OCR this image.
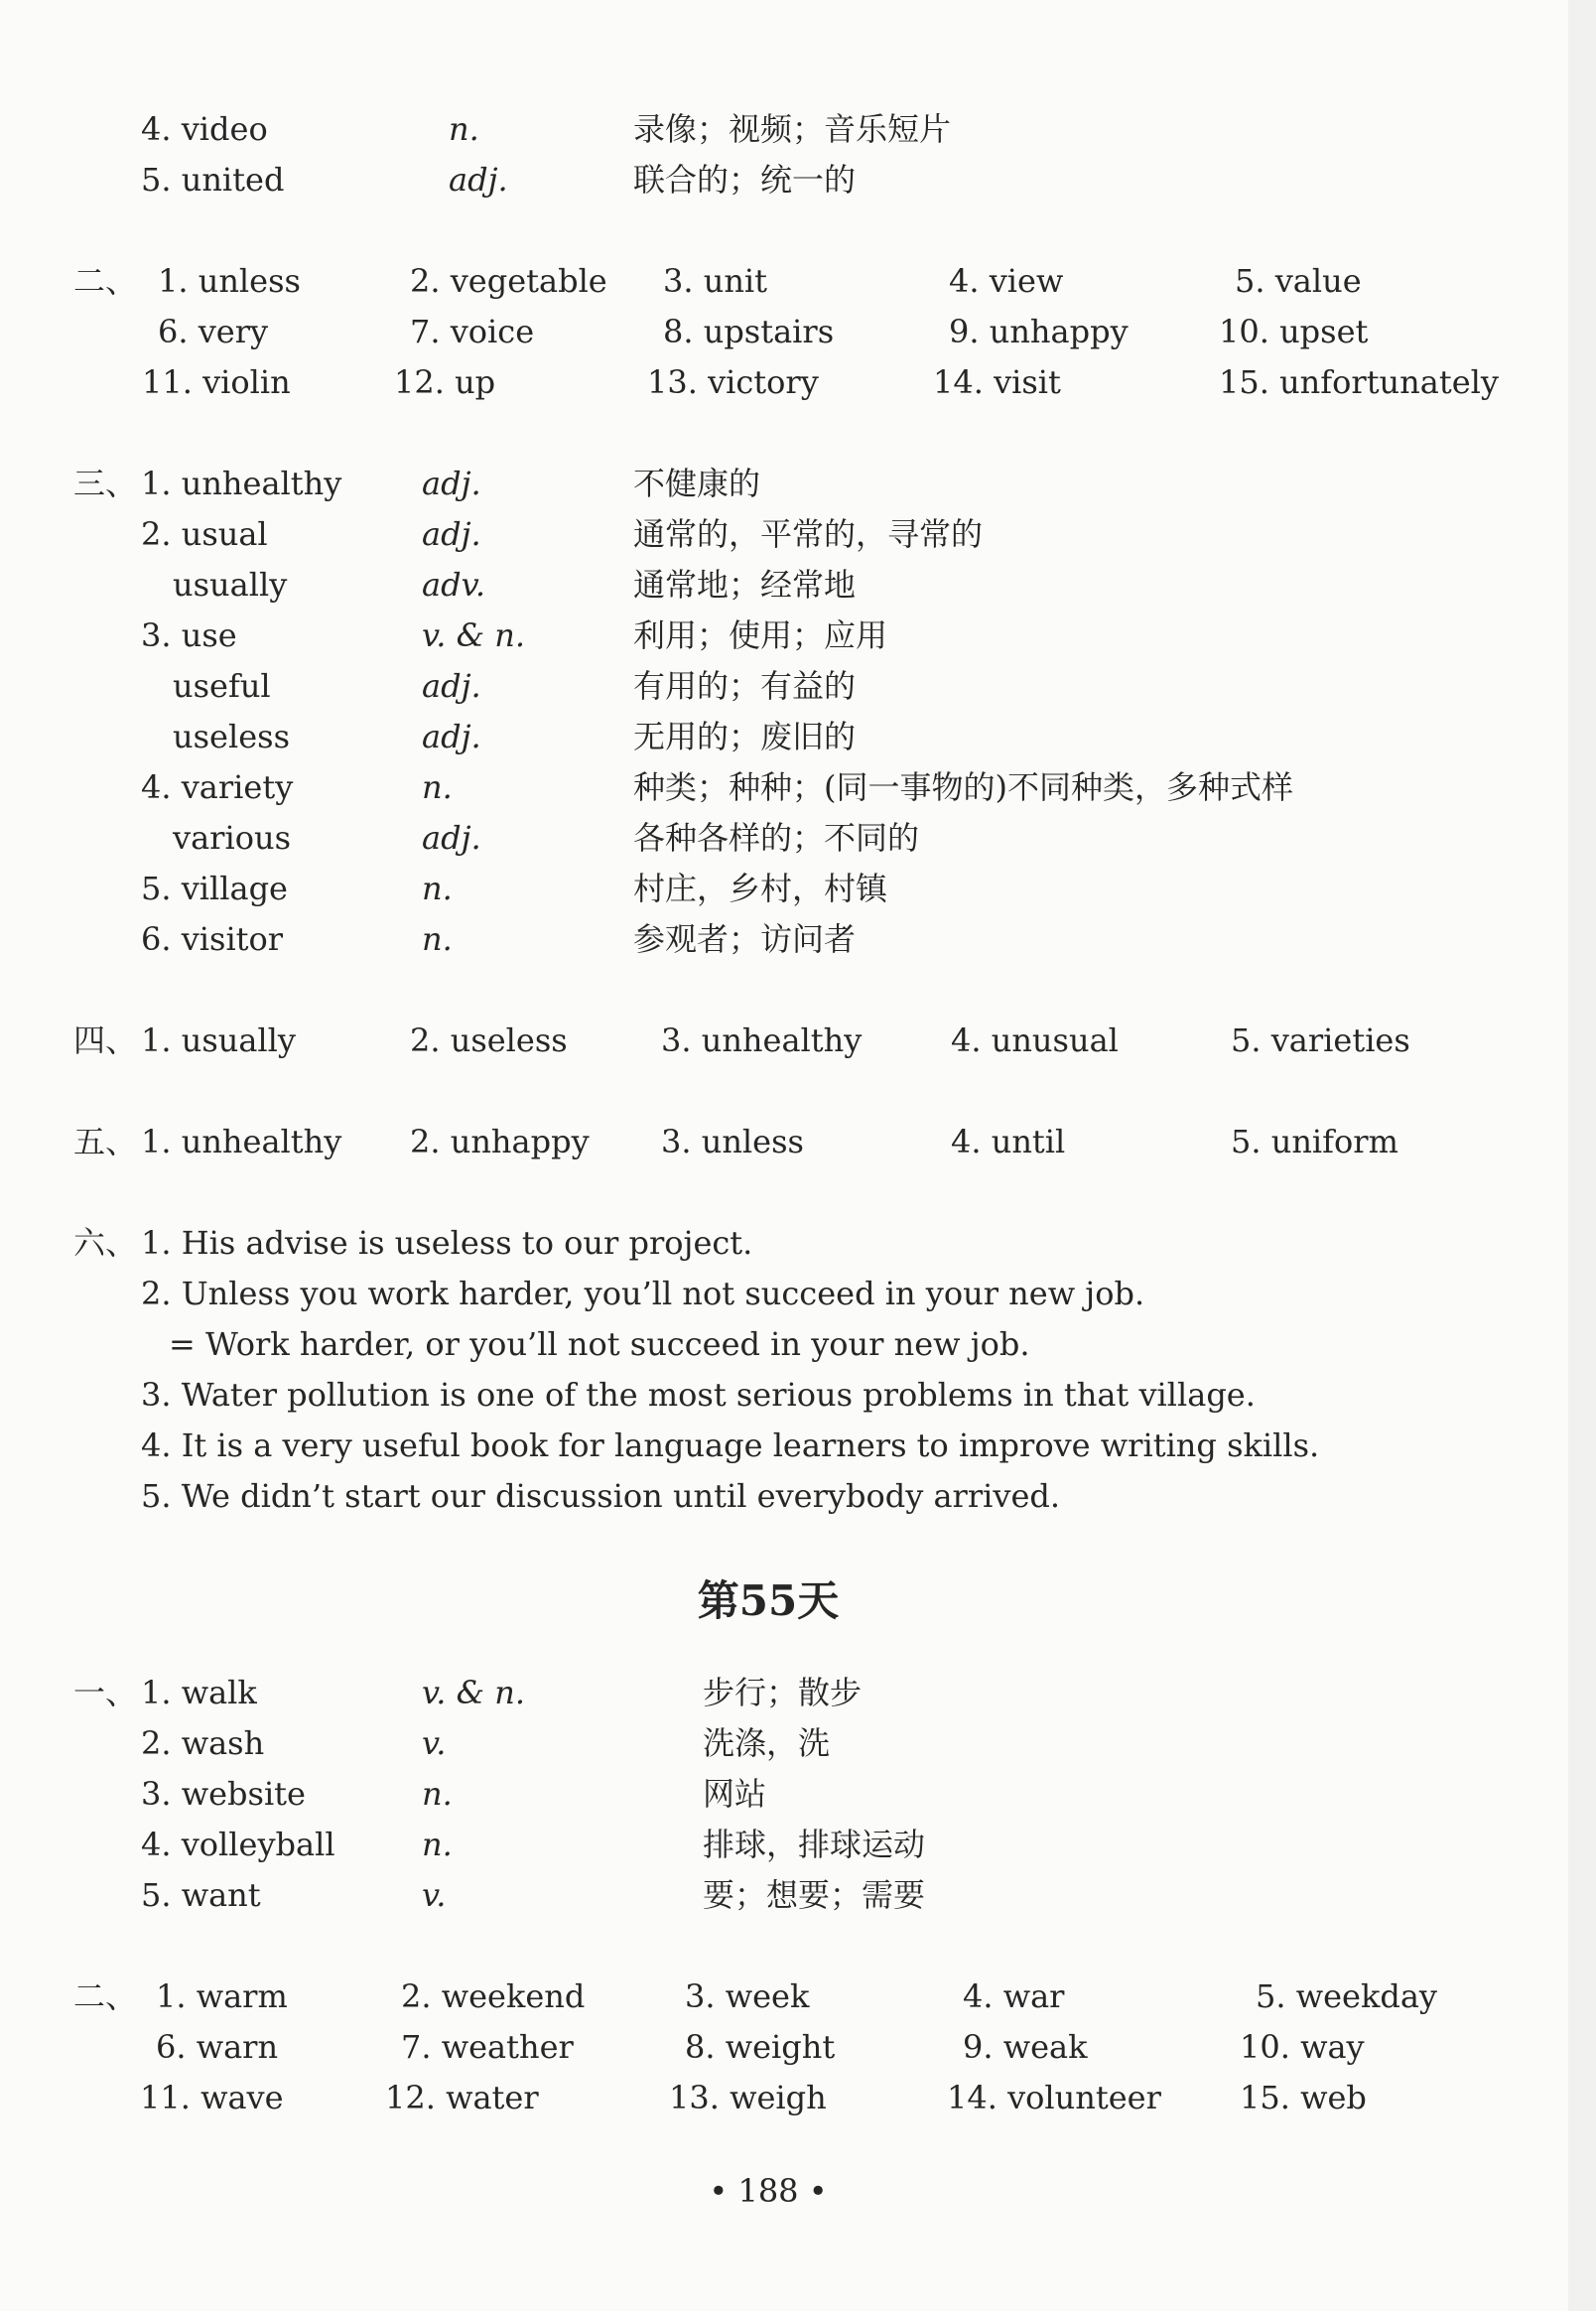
4. video	n.	录像；视频；音乐短片
5. united	adj.	联合的；统一的
二、 1. unless	2. vegetable 3. unit	4. view	5. value
6. very	7. voice	8. upstairs	9. unhappy	10. upset
11. violin	12. up	13. victory	14. visit	15. unfortunately
三、 1. unhealthy	adj.	不健康的
2. usual	adj.	通常的，平常的，寻常的
usually	adv.	通常地；经常地
3. use	v. & n.	利用；使用；应用
useful	adj.	有用的；有益的
useless	adj.	无用的；废旧的
4. variety	n.	种类；种种；(同一事物的)不同种类，多种式样
various	adj.	各种各样的；不同的
5. village	n.	村庄，乡村，村镇
6. visitor	n.	参观者；访问者
四、 1. usually	2. useless	3. unhealthy	4. unusual	5. varieties
五、 1. unhealthy 2. unhappy 3. unless	4. until	5. uniform
六、 1. His advise is useless to our project.
2. Unless you work harder, you’ll not succeed in your new job.
= Work harder, or you’ll not succeed in your new job.
3. Water pollution is one of the most serious problems in that village.
4. It is a very useful book for language learners to improve writing skills.
5. We didn’t start our discussion until everybody arrived.
第55天
一、 1. walk	v. & n.	步行；散步
2. wash	v.	洗涤，洗
3. website	n.	网站
4. volleyball	n.	排球，排球运动
5. want	v.	要；想要；需要
二、 1. warm	2. weekend	3. week	4. war	5. weekday
6. warn	7. weather	8. weight	9. weak	10. way
11. wave	12. water	13. weigh	14. volunteer 15. web
• 188 •
